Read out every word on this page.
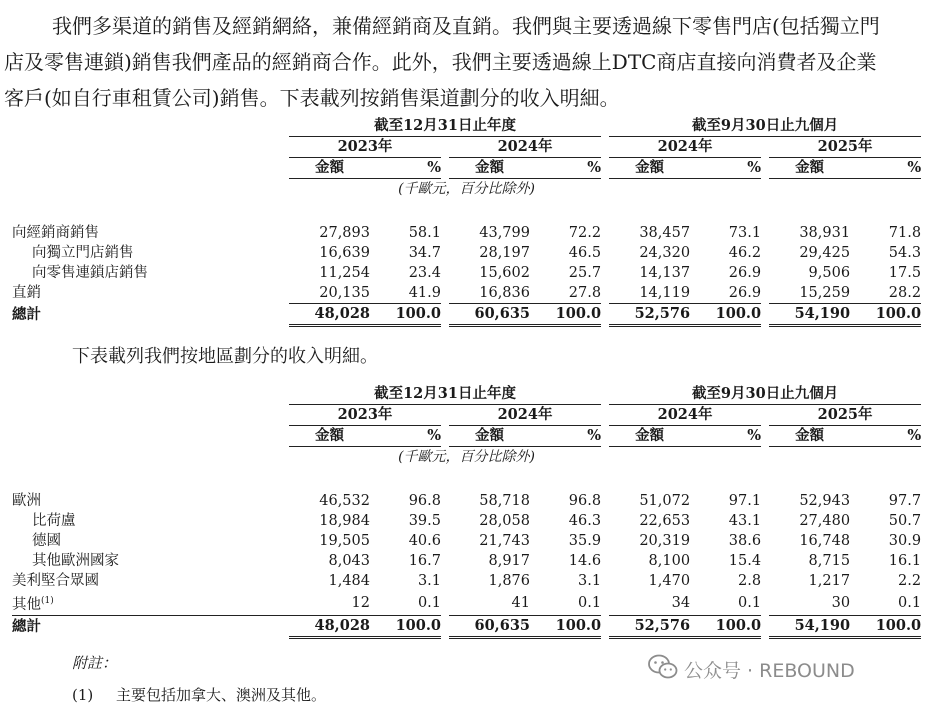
我們多渠道的銷售及經銷網絡，兼備經銷商及直銷。我們與主要透過線下零售門店(包括獨立門
店及零售連鎖)銷售我們產品的經銷商合作。此外，我們主要透過線上DTC商店直接向消費者及企業
客戶(如自行車租賃公司)銷售。下表載列按銷售渠道劃分的收入明細。

	截至12月31日止年度						截至9月30日止九個月				
	2023年			2024年			2024年			2025年	
	金額	%		金額	%		金額	%		金額	%
(千歐元，百分比除外)											

向經銷商銷售	27,893	58.1		43,799	72.2		38,457	73.1		38,931	71.8
向獨立門店銷售	16,639	34.7		28,197	46.5		24,320	46.2		29,425	54.3
向零售連鎖店銷售	11,254	23.4		15,602	25.7		14,137	26.9		9,506	17.5
直銷	20,135	41.9		16,836	27.8		14,119	26.9		15,259	28.2
總計	48,028	100.0		60,635	100.0		52,576	100.0		54,190	100.0

下表載列我們按地區劃分的收入明細。

	截至12月31日止年度						截至9月30日止九個月				
	2023年			2024年			2024年			2025年	
	金額	%		金額	%		金額	%		金額	%
(千歐元，百分比除外)											

歐洲	46,532	96.8		58,718	96.8		51,072	97.1		52,943	97.7
比荷盧	18,984	39.5		28,058	46.3		22,653	43.1		27,480	50.7
德國	19,505	40.6		21,743	35.9		20,319	38.6		16,748	30.9
其他歐洲國家	8,043	16.7		8,917	14.6		8,100	15.4		8,715	16.1
美利堅合眾國	1,484	3.1		1,876	3.1		1,470	2.8		1,217	2.2
其他$^{(1)}$	12	0.1		41	0.1		34	0.1		30	0.1
總計	48,028	100.0		60,635	100.0		52,576	100.0		54,190	100.0
附註：
(1) 主要包括加拿大、澳洲及其他。
公众号 · REBOUND
